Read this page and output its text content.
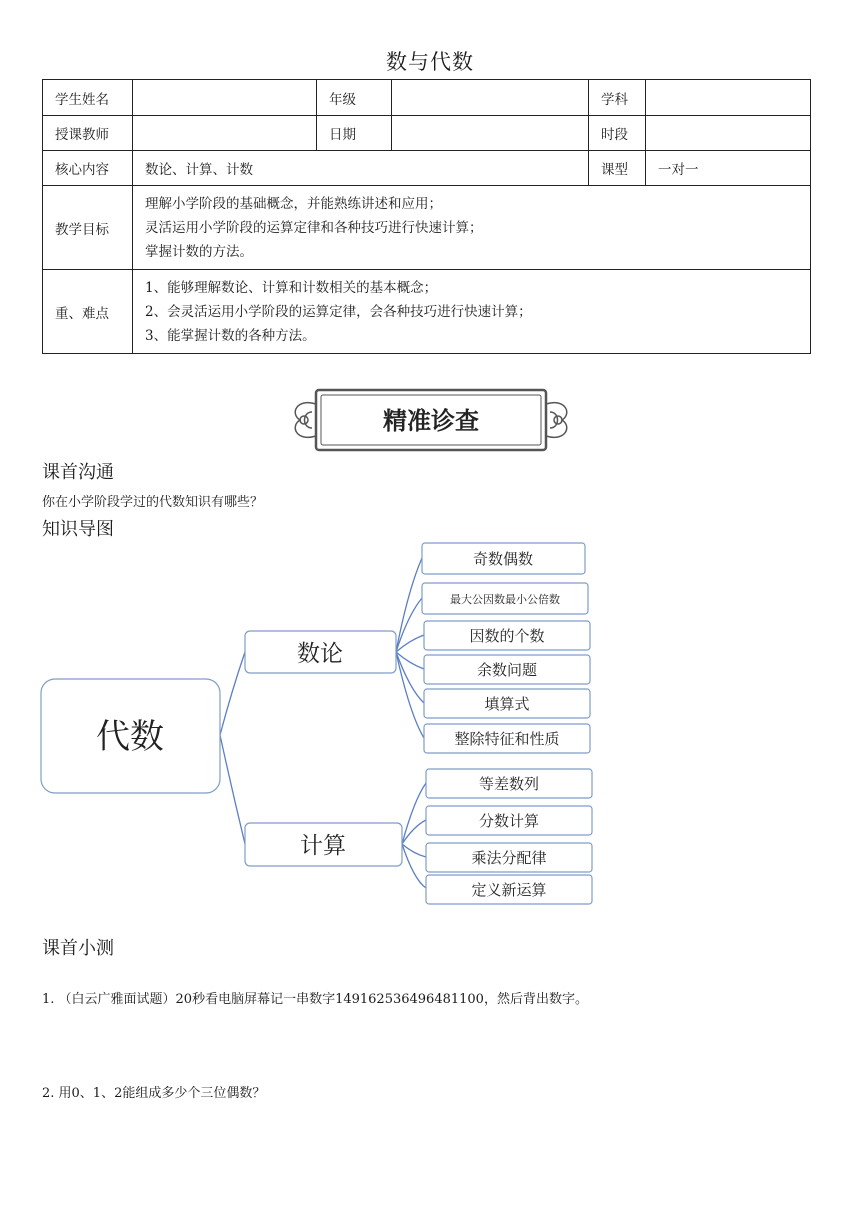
数与代数
学生姓名		年级		学科	
授课教师		日期		时段	
核心内容	数论、计算、计数			课型	一对一
教学目标	理解小学阶段的基础概念，并能熟练讲述和应用；
灵活运用小学阶段的运算定律和各种技巧进行快速计算；
掌握计数的方法。				

重、难点	1、能够理解数论、计算和计数相关的基本概念；
2、会灵活运用小学阶段的运算定律，会各种技巧进行快速计算；
3、能掌握计数的各种方法。				
精准诊查
课首沟通
你在小学阶段学过的代数知识有哪些？
知识导图
代数
数论
计算
奇数偶数
最大公因数最小公倍数
因数的个数
余数问题
填算式
整除特征和性质
等差数列
分数计算
乘法分配律
定义新运算
课首小测
1. （白云广雅面试题）20秒看电脑屏幕记一串数字149162536496481100，然后背出数字。
2. 用0、1、2能组成多少个三位偶数？
